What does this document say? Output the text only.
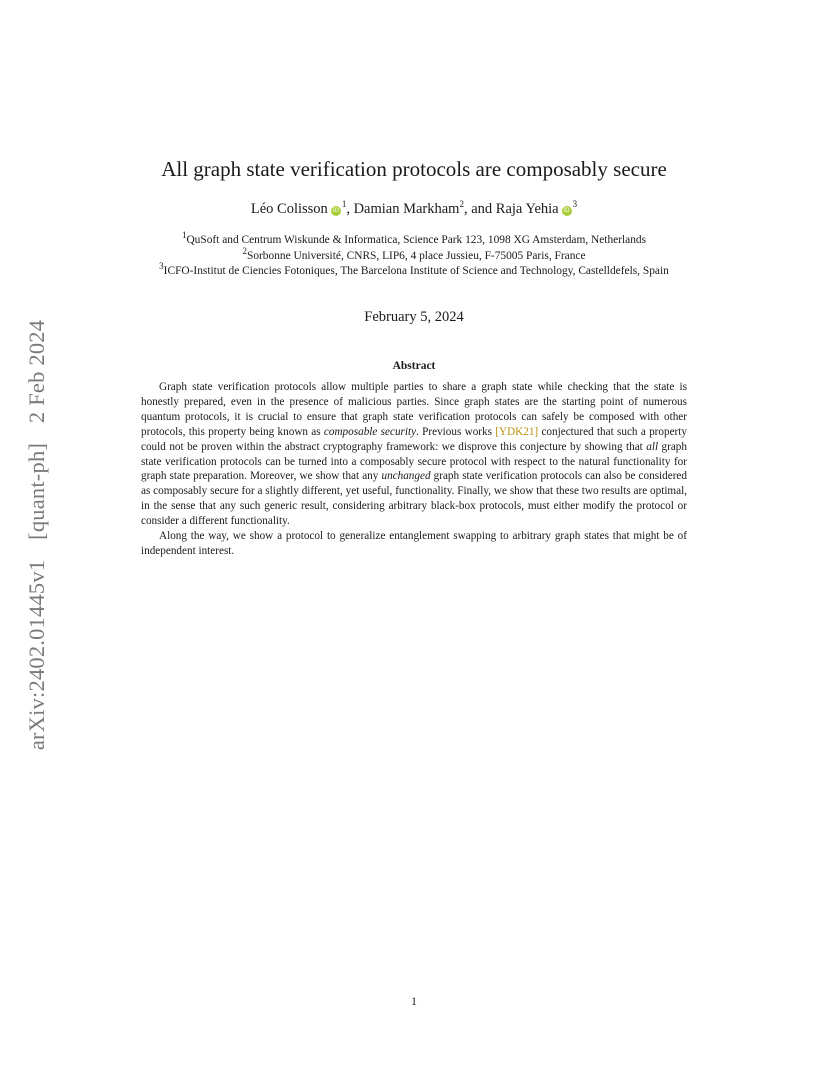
arXiv:2402.01445v1 [quant-ph] 2 Feb 2024
All graph state verification protocols are composably secure
Léo Colisson $iD^1$, Damian Markham$^2$, and Raja Yehia $iD^3$
$^1$QuSoft and Centrum Wiskunde & Informatica, Science Park 123, 1098 XG Amsterdam, Netherlands
$^2$Sorbonne Université, CNRS, LIP6, 4 place Jussieu, F-75005 Paris, France
$^3$ICFO-Institut de Ciencies Fotoniques, The Barcelona Institute of Science and Technology, Castelldefels, Spain
February 5, 2024
Abstract

Graph state verification protocols allow multiple parties to share a graph state while checking that the state is honestly prepared, even in the presence of malicious parties. Since graph states are the starting point of numerous quantum protocols, it is crucial to ensure that graph state verification protocols can safely be composed with other protocols, this property being known as composable security. Previous works [YDK21] conjectured that such a property could not be proven within the abstract cryptography framework: we disprove this conjecture by showing that all graph state verification protocols can be turned into a composably secure protocol with respect to the natural functionality for graph state preparation. Moreover, we show that any unchanged graph state verification protocols can also be considered as composably secure for a slightly different, yet useful, functionality. Finally, we show that these two results are optimal, in the sense that any such generic result, considering arbitrary black-box protocols, must either modify the protocol or consider a different functionality.

Along the way, we show a protocol to generalize entanglement swapping to arbitrary graph states that might be of independent interest.

1
